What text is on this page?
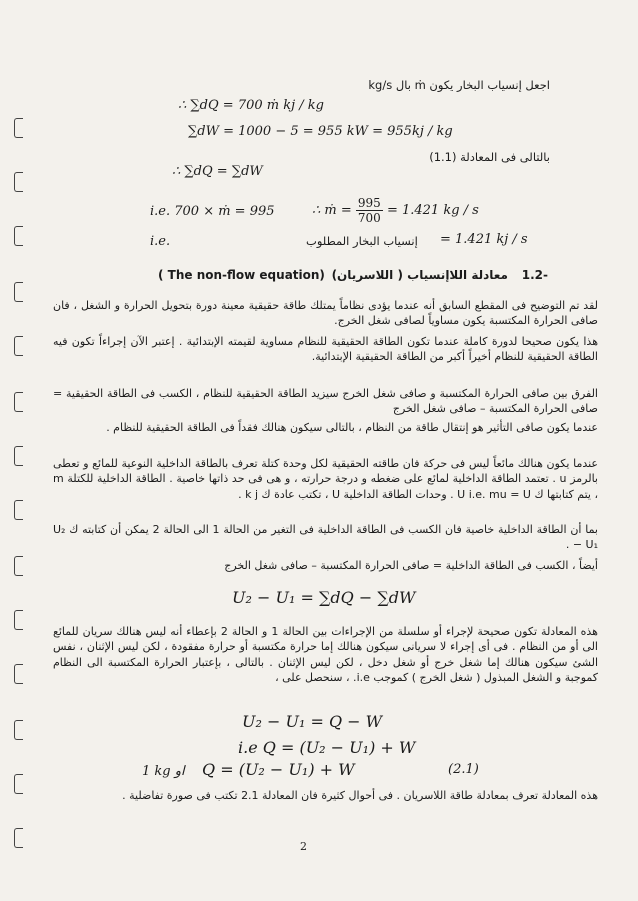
اجعل إنسياب البخار يكون ṁ بال kg/s
∴ ∑dQ = 700 ṁ kj / kg
∑dW = 1000 − 5 = 955 kW = 955kj / kg
بالتالى فى المعادلة (1.1)
∴ ∑dQ = ∑dW
i.e. 700 × ṁ = 995	∴ ṁ = $\frac{995}{700} = 1.421$ kg / s
i.e.	إنسياب البخار المطلوب = 1.421 kj / s
1.2-
معادلة اللاإنسياب ( اللاسريان)
( The non-flow equation)
لقد تم التوضيح فى المقطع السابق أنه عندما يؤدى نظاماً يمتلك طاقة حقيقية معينة دورة بتحويل الحرارة و الشغل ، فان صافى الحرارة المكتسبة يكون مساوياً لصافى شغل الخرج.
هذا يكون صحيحا لدورة كاملة عندما تكون الطاقة الحقيقية للنظام مساوية لقيمته الإبتدائية . إعتبر الآن إجراءاً تكون فيه الطاقة الحقيقية للنظام أخيراً أكبر من الطاقة الحقيقية الإبتدائية.
الفرق بين صافى الحرارة المكتسبة و صافى شغل الخرج سيزيد الطاقة الحقيقية للنظام ، الكسب فى الطاقة الحقيقية = صافى الحرارة المكتسبة – صافى شغل الخرج
عندما يكون صافى التأثير هو إنتقال طاقة من النظام ، بالتالى سيكون هنالك فقداً فى الطاقة الحقيقية للنظام .
عندما يكون هنالك مائعاً ليس فى حركة فان طاقته الحقيقية لكل وحدة كتلة تعرف بالطاقة الداخلية النوعية للمائع و تعطى بالرمز u . تعتمد الطاقة الداخلية لمائع على ضغطه و درجة حرارته ، و هى فى حد ذاتها خاصية . الطاقة الداخلية للكتلة m ، يتم كتابتها ك U i.e. mu = U . وحدات الطاقة الداخلية U ، تكتب عادة ك k j .
بما أن الطاقة الداخلية خاصية فان الكسب فى الطاقة الداخلية فى التغير من الحالة 1 الى الحالة 2 يمكن أن كتابته ك U₂ − U₁ .
أيضاً ، الكسب فى الطاقة الداخلية = صافى الحرارة المكتسبة – صافى شغل الخرج
U₂ − U₁ = ∑dQ − ∑dW
هذه المعادلة تكون صحيحة لإجراء أو سلسلة من الإجراءات بين الحالة 1 و الحالة 2 بإعطاء أنه ليس هنالك سريان للمائع الى أو من النظام . فى أى إجراء لا سريانى سيكون هنالك إما حرارة مكتسبة أو حرارة مفقودة ، لكن ليس الإثنان ، نفس الشئ سيكون هنالك إما شغل خرج أو شغل دخل ، لكن ليس الإثنان . بالتالى ، بإعتبار الحرارة المكتسبة الى النظام كموجبة و الشغل المبذول ( شغل الخرج ) كموجب i.e. ، سنحصل على ،
U₂ − U₁ = Q − W
i.e Q = (U₂ − U₁) + W
1 kg او Q = (U₂ − U₁) + W	(2.1)
هذه المعادلة تعرف بمعادلة طاقة اللاسريان . فى أحوال كثيرة فان المعادلة 2.1 تكتب فى صورة تفاضلية .
2
